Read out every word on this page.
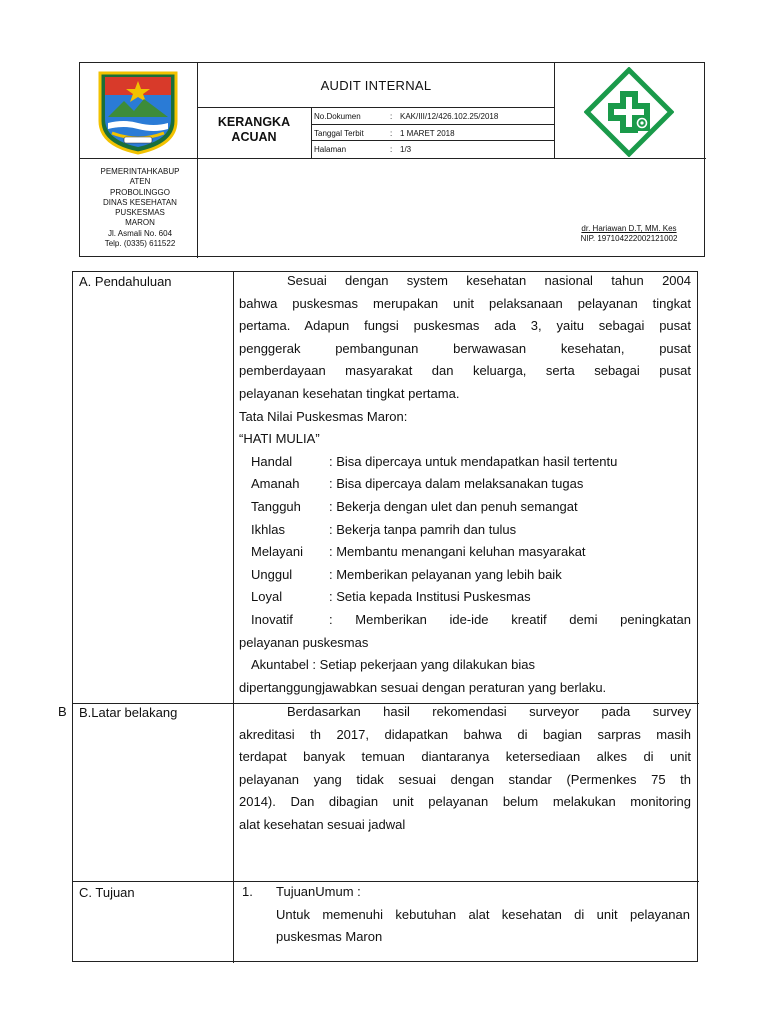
AUDIT INTERNAL
KERANGKA
ACUAN
No.Dokumen	: KAK/III/12/426.102.25/2018
Tanggal Terbit	: 1 MARET 2018
Halaman	: 1/3
PEMERINTAHKABUP
ATEN
PROBOLINGGO
DINAS KESEHATAN
PUSKESMAS
MARON
Jl. Asmali No. 604
Telp. (0335) 611522
dr. Hariawan D.T, MM. Kes
NIP. 197104222002121002
B
A. Pendahuluan	Sesuai dengan system kesehatan nasional tahun 2004
bahwa puskesmas merupakan unit pelaksanaan pelayanan tingkat
pertama. Adapun fungsi puskesmas ada 3, yaitu sebagai pusat
penggerak pembangunan berwawasan kesehatan, pusat
pemberdayaan masyarakat dan keluarga, serta sebagai pusat
pelayanan kesehatan tingkat pertama.
Tata Nilai Puskesmas Maron:
“HATI MULIA”
Handal	: Bisa dipercaya untuk mendapatkan hasil tertentu
Amanah	: Bisa dipercaya dalam melaksanakan tugas
Tangguh	: Bekerja dengan ulet dan penuh semangat
Ikhlas	: Bekerja tanpa pamrih dan tulus
Melayani	: Membantu menangani keluhan masyarakat
Unggul	: Memberikan pelayanan yang lebih baik
Loyal	: Setia kepada Institusi Puskesmas
Inovatif	: Memberikan ide-ide kreatif demi peningkatan
pelayanan puskesmas
Akuntabel : Setiap pekerjaan yang dilakukan bias
dipertanggungjawabkan sesuai dengan peraturan yang berlaku.
B.Latar belakang	Berdasarkan hasil rekomendasi surveyor pada survey
akreditasi th 2017, didapatkan bahwa di bagian sarpras masih
terdapat banyak temuan diantaranya ketersediaan alkes di unit
pelayanan yang tidak sesuai dengan standar (Permenkes 75 th
2014). Dan dibagian unit pelayanan belum melakukan monitoring
alat kesehatan sesuai jadwal
C. Tujuan	1.	TujuanUmum :
Untuk memenuhi kebutuhan alat kesehatan di unit pelayanan
puskesmas Maron
